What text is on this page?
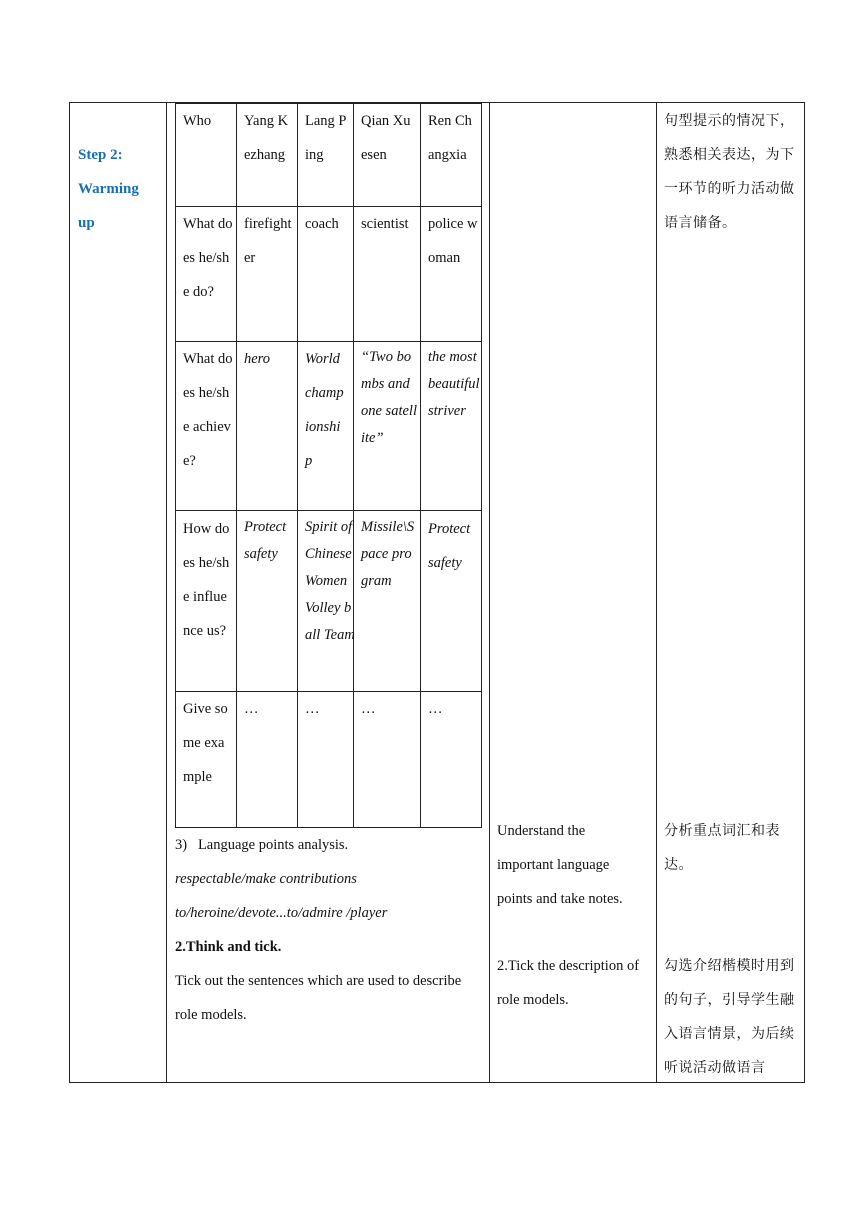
Step 2:
Warming
up
Who
What does he/she do?
What does he/she achieve?
How does he/she influence us?
Give some example
Yang Kezhang
firefighter
hero
Protect safety
…
Lang Ping
coach
World championship
Spirit of Chinese Women Volley ball Team
…
Qian Xuesen
scientist
“Two bombs and one satellite”
Missile\Space program
…
Ren Changxia
police woman
the most beautiful striver
Protect safety
…
3)   Language points analysis.
respectable/make contributions to/heroine/devote...to/admire /player
2.Think and tick.
Tick out the sentences which are used to describe role models.
Understand the important language points and take notes.
2.Tick the description of role models.
句型提示的情况下，熟悉相关表达，为下一环节的听力活动做语言储备。
分析重点词汇和表达。
勾选介绍楷模时用到的句子，引导学生融入语言情景，为后续听说活动做语言
